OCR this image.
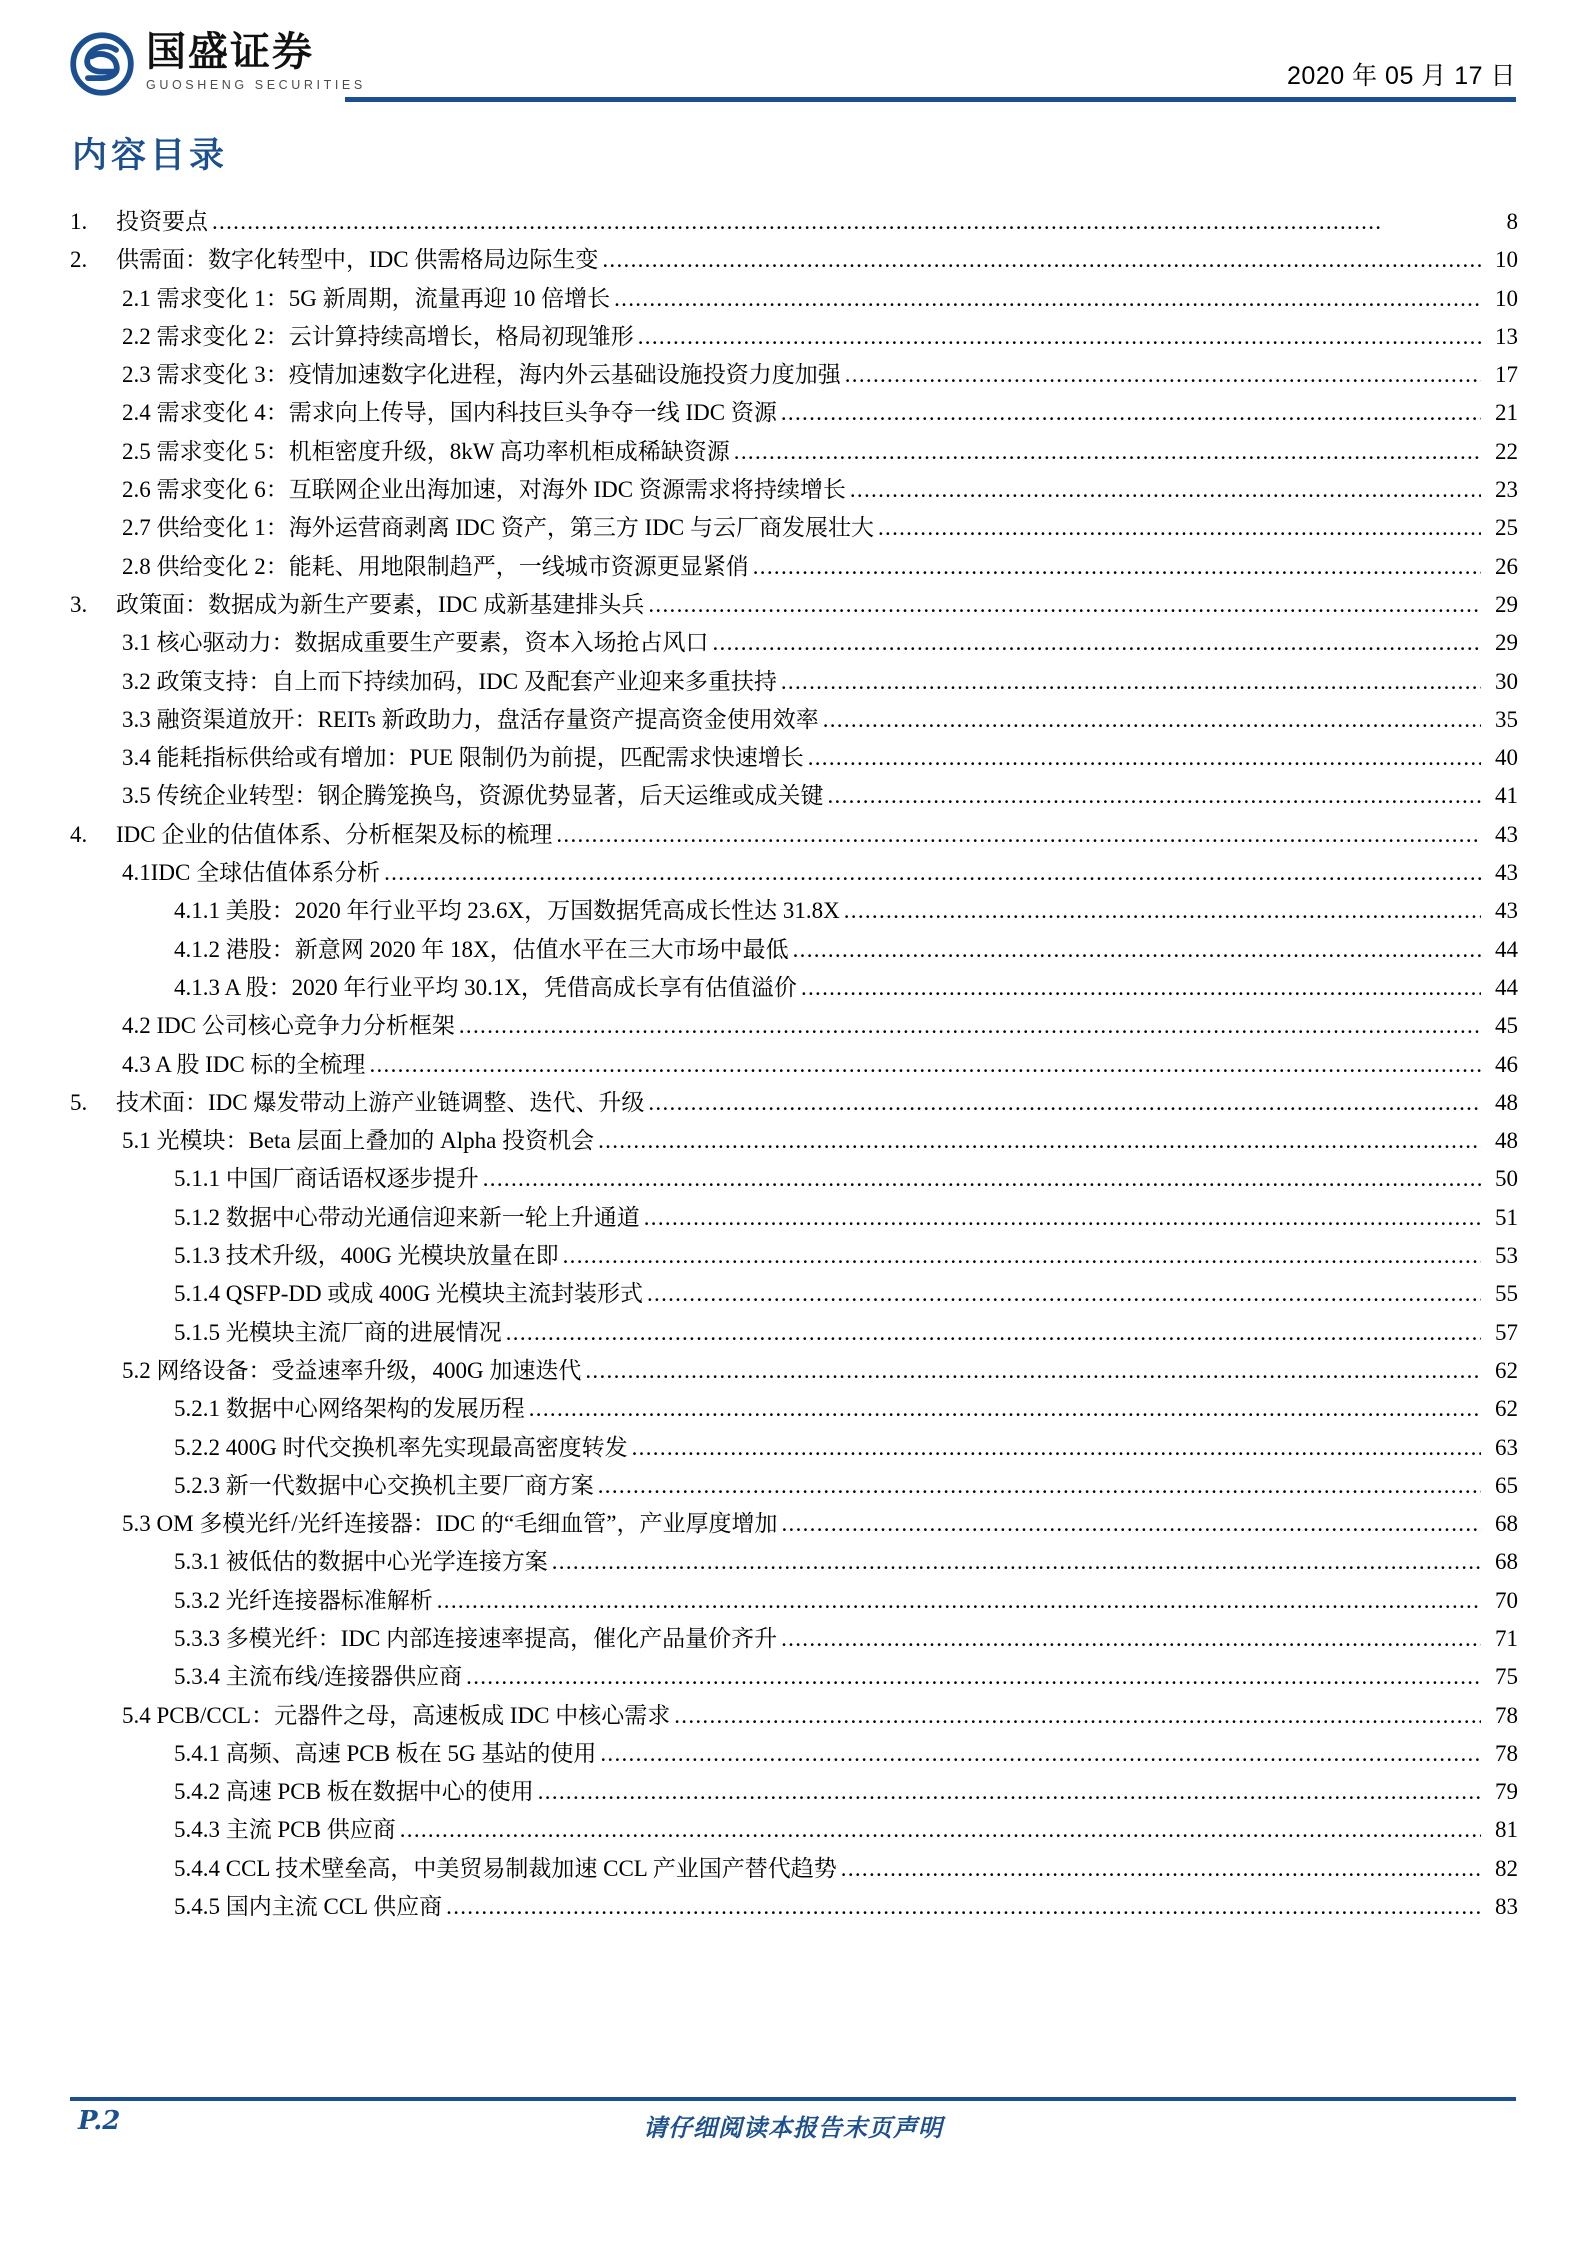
国盛证券
GUOSHENG SECURITIES	2020 年 05 月 17 日
内容目录
1.	投资要点 .....	8
2.	供需面：数字化转型中，IDC 供需格局边际生变 .....	10
2.1 需求变化 1：5G 新周期，流量再迎 10 倍增长 .....	10
2.2 需求变化 2：云计算持续高增长，格局初现雏形 .....	13
2.3 需求变化 3：疫情加速数字化进程，海内外云基础设施投资力度加强 .....	17
2.4 需求变化 4：需求向上传导，国内科技巨头争夺一线 IDC 资源 .....	21
2.5 需求变化 5：机柜密度升级，8kW 高功率机柜成稀缺资源 .....	22
2.6 需求变化 6：互联网企业出海加速，对海外 IDC 资源需求将持续增长 .....	23
2.7 供给变化 1：海外运营商剥离 IDC 资产，第三方 IDC 与云厂商发展壮大 .....	25
2.8 供给变化 2：能耗、用地限制趋严，一线城市资源更显紧俏 .....	26
3.	政策面：数据成为新生产要素，IDC 成新基建排头兵 .....	29
3.1 核心驱动力：数据成重要生产要素，资本入场抢占风口 .....	29
3.2 政策支持：自上而下持续加码，IDC 及配套产业迎来多重扶持 .....	30
3.3 融资渠道放开：REITs 新政助力，盘活存量资产提高资金使用效率 .....	35
3.4 能耗指标供给或有增加：PUE 限制仍为前提，匹配需求快速增长 .....	40
3.5 传统企业转型：钢企腾笼换鸟，资源优势显著，后天运维或成关键 .....	41
4.	IDC 企业的估值体系、分析框架及标的梳理 .....	43
4.1IDC 全球估值体系分析 .....	43
4.1.1 美股：2020 年行业平均 23.6X，万国数据凭高成长性达 31.8X .....	43
4.1.2 港股：新意网 2020 年 18X，估值水平在三大市场中最低 .....	44
4.1.3 A 股：2020 年行业平均 30.1X，凭借高成长享有估值溢价 .....	44
4.2 IDC 公司核心竞争力分析框架 .....	45
4.3 A 股 IDC 标的全梳理 .....	46
5.	技术面：IDC 爆发带动上游产业链调整、迭代、升级 .....	48
5.1 光模块：Beta 层面上叠加的 Alpha 投资机会 .....	48
5.1.1 中国厂商话语权逐步提升 .....	50
5.1.2 数据中心带动光通信迎来新一轮上升通道 .....	51
5.1.3 技术升级，400G 光模块放量在即 .....	53
5.1.4 QSFP-DD 或成 400G 光模块主流封装形式 .....	55
5.1.5 光模块主流厂商的进展情况 .....	57
5.2 网络设备：受益速率升级，400G 加速迭代 .....	62
5.2.1 数据中心网络架构的发展历程 .....	62
5.2.2 400G 时代交换机率先实现最高密度转发 .....	63
5.2.3 新一代数据中心交换机主要厂商方案 .....	65
5.3 OM 多模光纤/光纤连接器：IDC 的“毛细血管”，产业厚度增加 .....	68
5.3.1 被低估的数据中心光学连接方案 .....	68
5.3.2 光纤连接器标准解析 .....	70
5.3.3 多模光纤：IDC 内部连接速率提高，催化产品量价齐升 .....	71
5.3.4 主流布线/连接器供应商 .....	75
5.4 PCB/CCL：元器件之母，高速板成 IDC 中核心需求 .....	78
5.4.1 高频、高速 PCB 板在 5G 基站的使用 .....	78
5.4.2 高速 PCB 板在数据中心的使用 .....	79
5.4.3 主流 PCB 供应商 .....	81
5.4.4 CCL 技术壁垒高，中美贸易制裁加速 CCL 产业国产替代趋势 .....	82
5.4.5 国内主流 CCL 供应商 .....	83
P.2	请仔细阅读本报告末页声明
